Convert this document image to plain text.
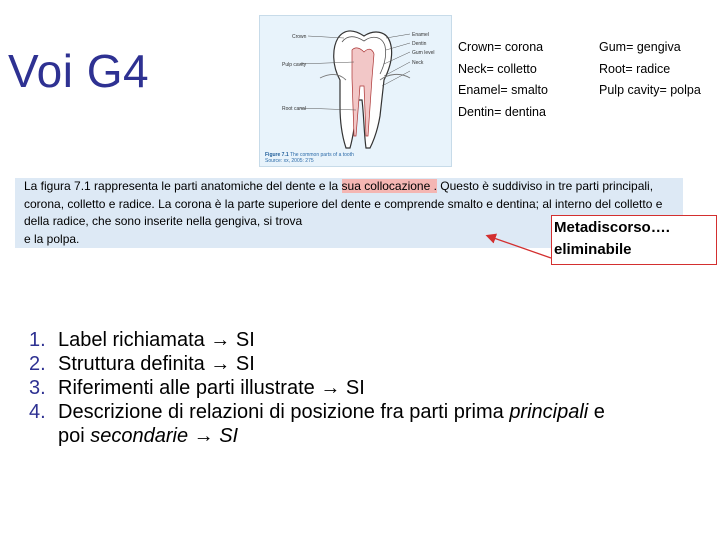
Voi G4
Crown
Pulp cavity
Root canal
Enamel
Dentin
Gum level
Neck
Figure 7.1 The common parts of a tooth
Source: xx, 2005: 275
Crown= corona
Neck= colletto
Enamel= smalto
Dentin= dentina
Gum= gengiva
Root= radice
Pulp cavity= polpa
La figura 7.1 rappresenta le parti anatomiche del dente e la sua collocazione . Questo è suddiviso in tre parti principali, corona, colletto e radice. La corona è la parte superiore del dente e comprende smalto e dentina; al interno del colletto e della radice, che sono inserite nella gengiva, si trova
e la polpa.
Metadiscorso….
eliminabile
1. Label richiamata → SI
2. Struttura definita → SI
3. Riferimenti alle parti illustrate → SI
4. Descrizione di relazioni di posizione fra parti prima principali e poi secondarie → SI
